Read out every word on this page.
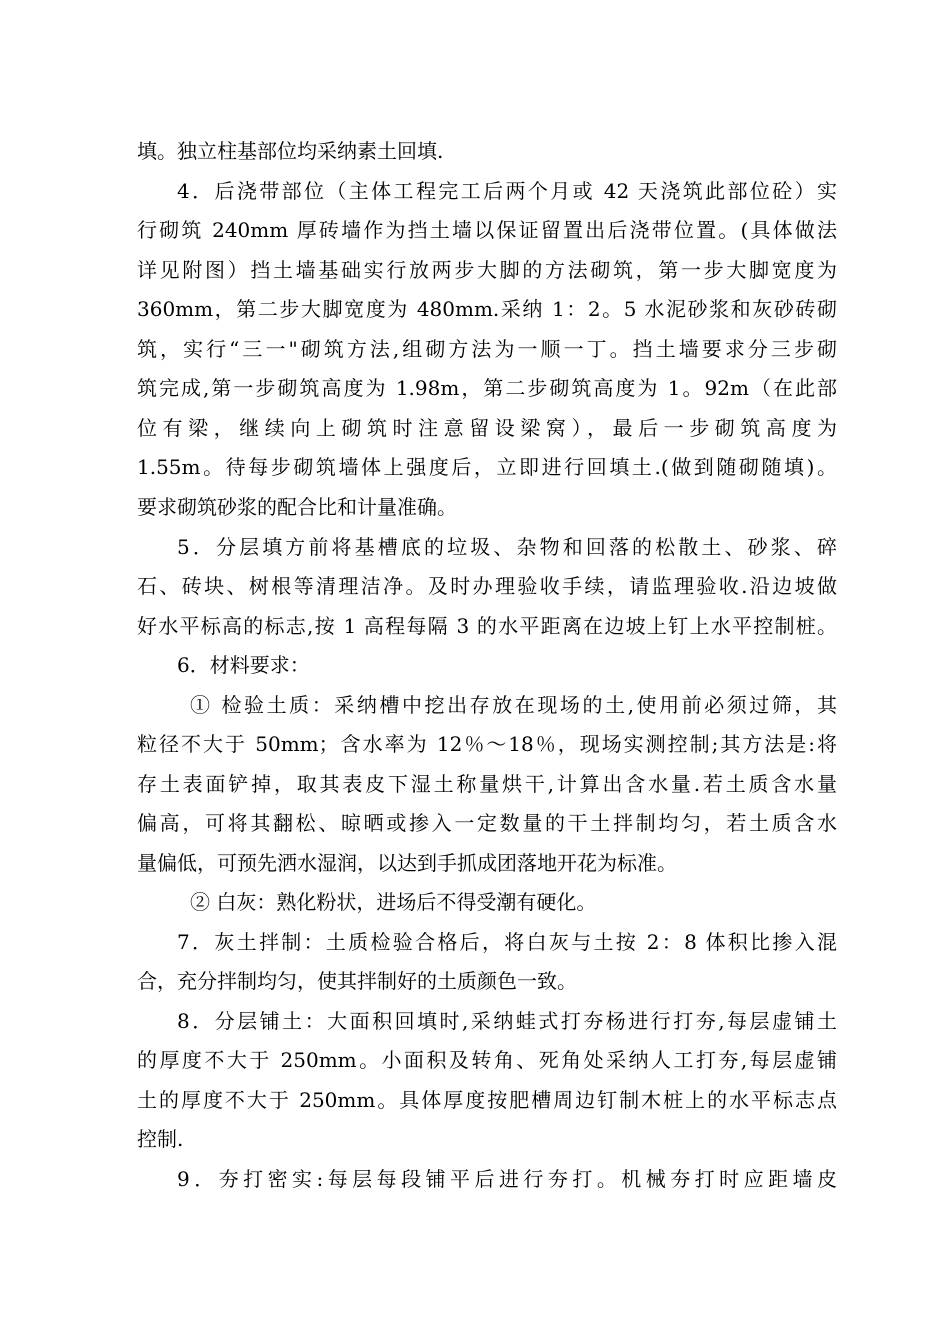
填。独立柱基部位均采纳素土回填.
4．后浇带部位（主体工程完工后两个月或 42 天浇筑此部位砼）实
行砌筑 240mm 厚砖墙作为挡土墙以保证留置出后浇带位置。(具体做法
详见附图）挡土墙基础实行放两步大脚的方法砌筑，第一步大脚宽度为
360mm，第二步大脚宽度为 480mm.采纳 1：2。5 水泥砂浆和灰砂砖砌
筑，实行“三一"砌筑方法,组砌方法为一顺一丁。挡土墙要求分三步砌
筑完成,第一步砌筑高度为 1.98m，第二步砌筑高度为 1。92m（在此部
位有梁，继续向上砌筑时注意留设梁窝），最后一步砌筑高度为
1.55m。待每步砌筑墙体上强度后，立即进行回填土.(做到随砌随填)。
要求砌筑砂浆的配合比和计量准确。
5．分层填方前将基槽底的垃圾、杂物和回落的松散土、砂浆、碎
石、砖块、树根等清理洁净。及时办理验收手续，请监理验收.沿边坡做
好水平标高的标志,按 1 高程每隔 3 的水平距离在边坡上钉上水平控制桩。
6．材料要求：
① 检验土质：采纳槽中挖出存放在现场的土,使用前必须过筛，其
粒径不大于 50mm；含水率为 12％～18％，现场实测控制;其方法是:将
存土表面铲掉，取其表皮下湿土称量烘干,计算出含水量.若土质含水量
偏高，可将其翻松、晾晒或掺入一定数量的干土拌制均匀，若土质含水
量偏低，可预先洒水湿润，以达到手抓成团落地开花为标准。
② 白灰：熟化粉状，进场后不得受潮有硬化。
7．灰土拌制：土质检验合格后，将白灰与土按 2：8 体积比掺入混
合，充分拌制均匀，使其拌制好的土质颜色一致。
8．分层铺土：大面积回填时,采纳蛙式打夯杨进行打夯,每层虚铺土
的厚度不大于 250mm。小面积及转角、死角处采纳人工打夯,每层虚铺
土的厚度不大于 250mm。具体厚度按肥槽周边钉制木桩上的水平标志点
控制.
9．夯打密实:每层每段铺平后进行夯打。机械夯打时应距墙皮
